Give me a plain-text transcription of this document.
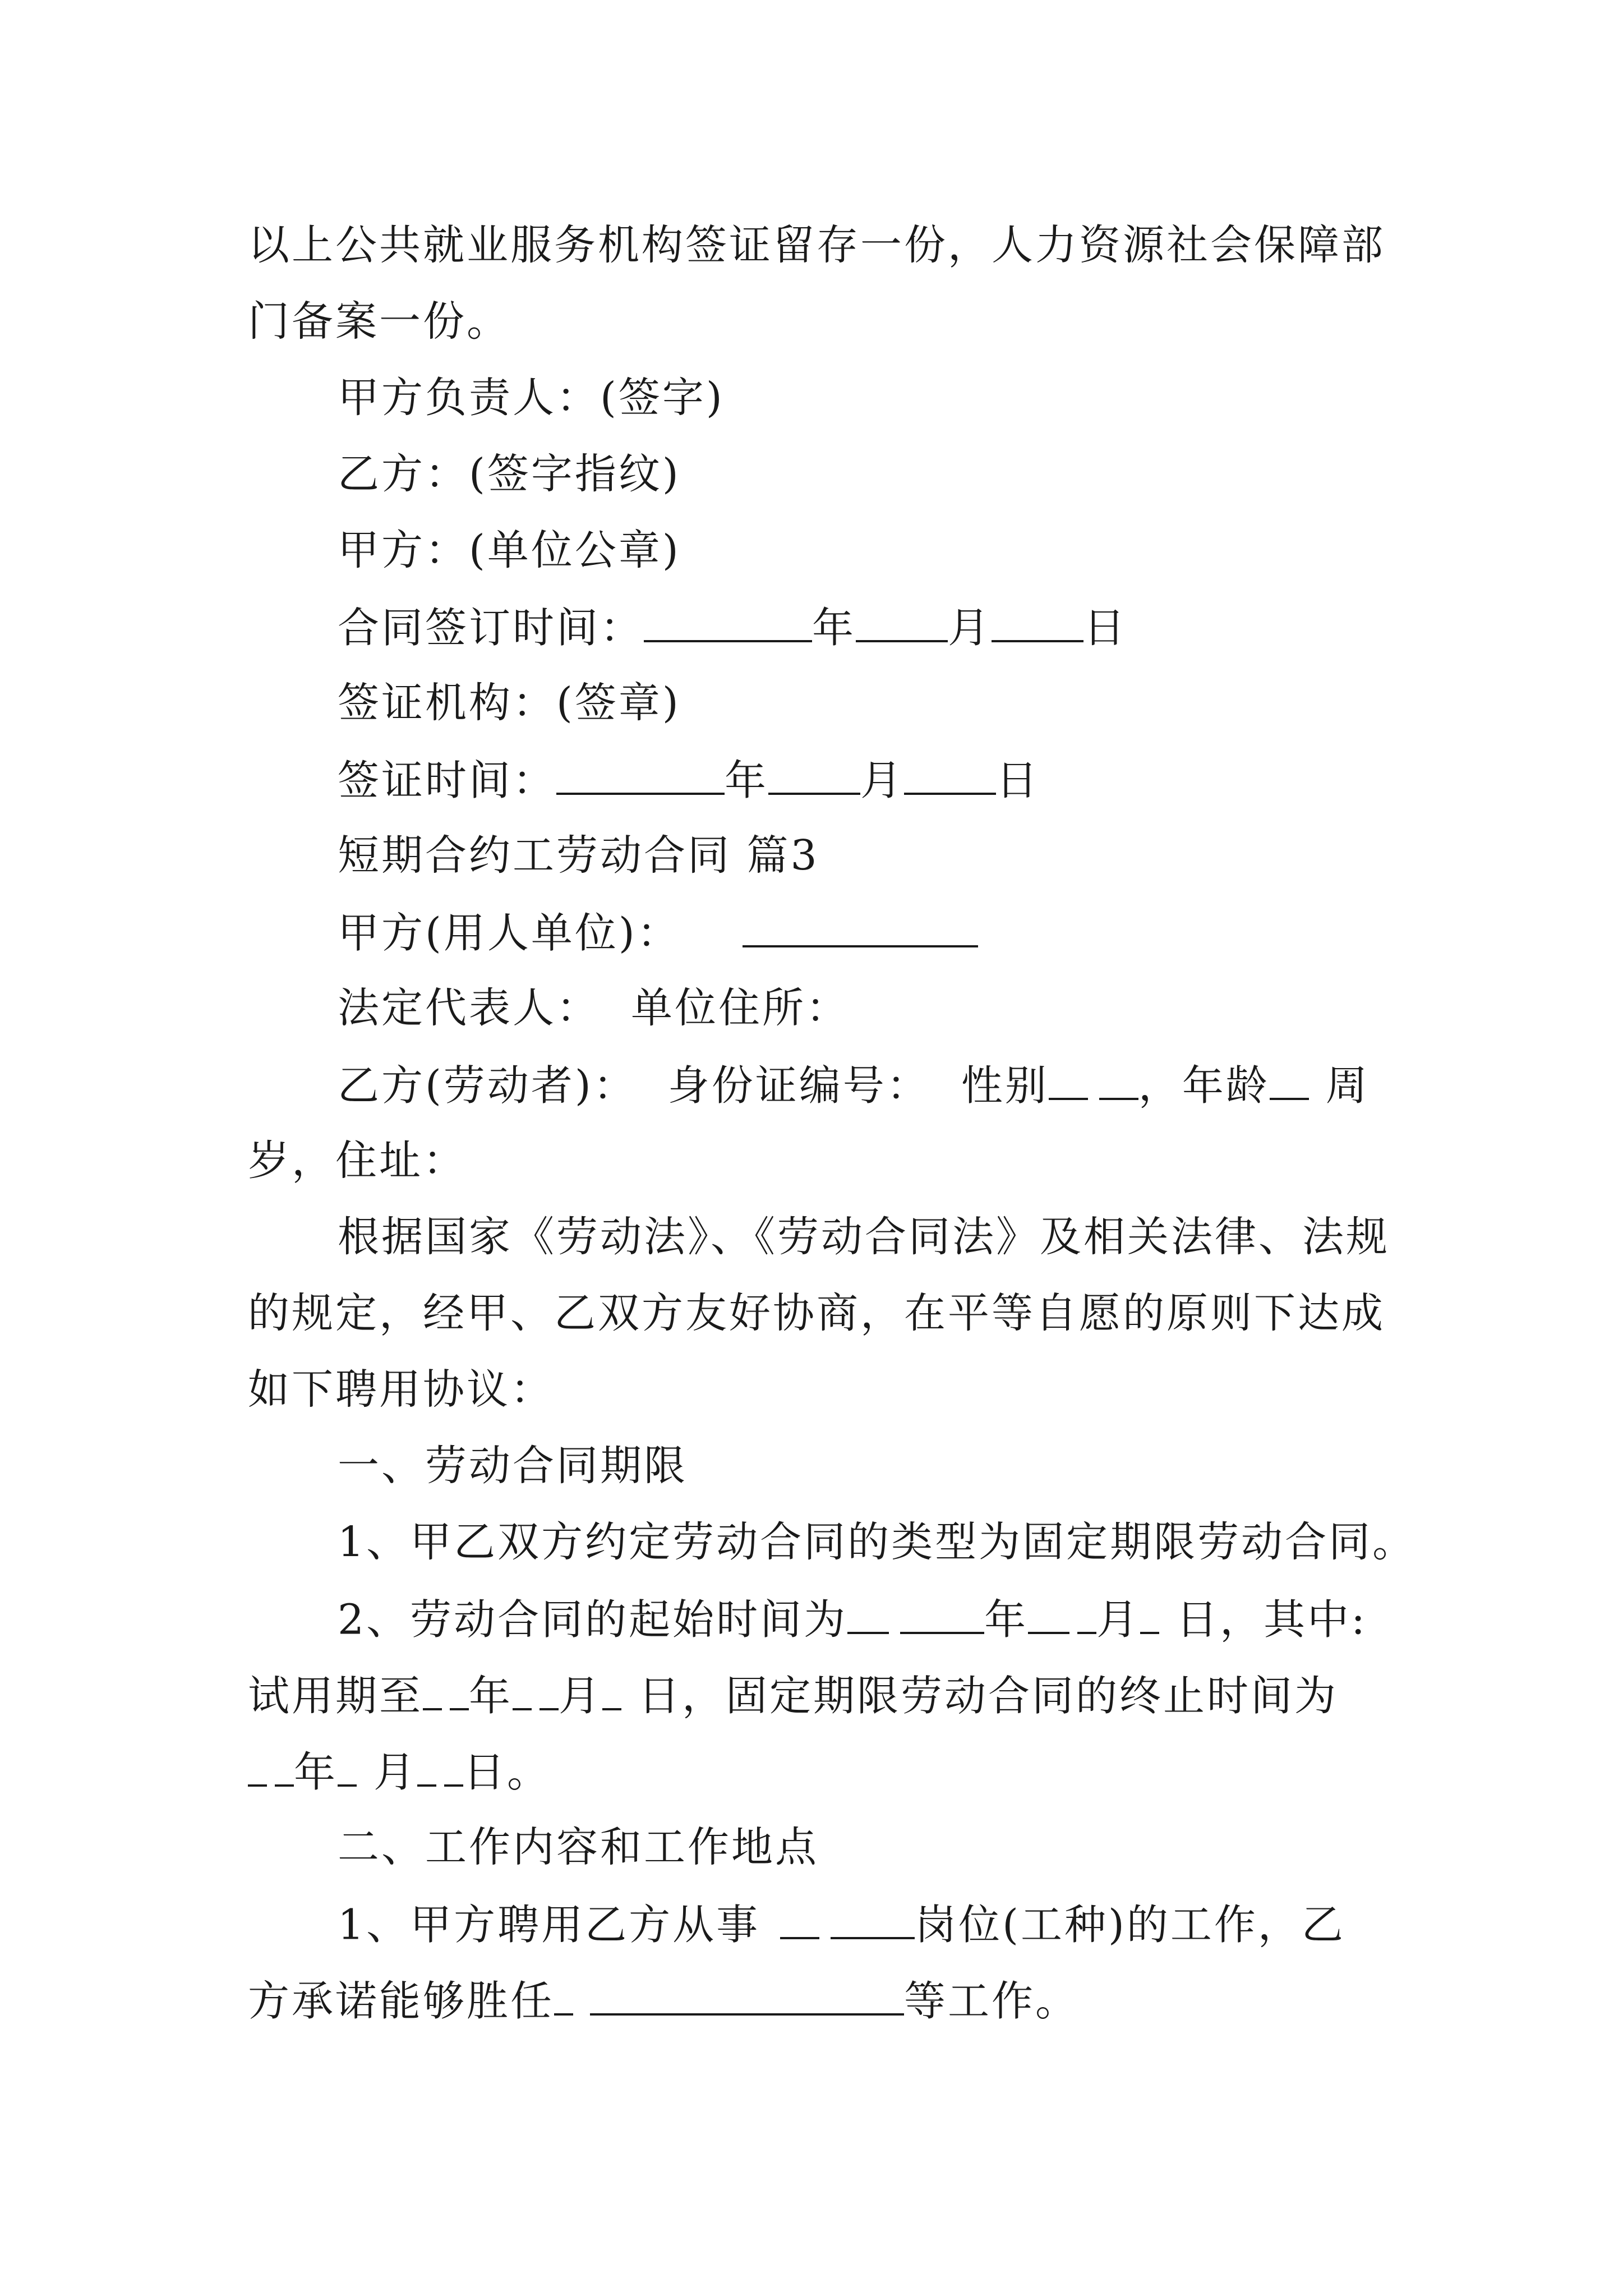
以上公共就业服务机构签证留存一份，人力资源社会保障部
门备案一份。
甲方负责人：(签字)
乙方：(签字指纹)
甲方：(单位公章)
合同签订时间：	年 月 日
签证机构：(签章)
签证时间：	年 月 日
短期合约工劳动合同 篇3
甲方(用人单位)：
法定代表人：  单位住所：
乙方(劳动者)：  身份证编号：  性别 ，年龄 周
岁，住址：
根据国家《劳动法》、《劳动合同法》及相关法律、法规
的规定，经甲、乙双方友好协商，在平等自愿的原则下达成
如下聘用协议：
一、劳动合同期限
1、甲乙双方约定劳动合同的类型为固定期限劳动合同。
2、劳动合同的起始时间为	年 月 日，其中:
试用期至 年 月 日，固定期限劳动合同的终止时间为
年 月 日。
二、工作内容和工作地点
1、甲方聘用乙方从事	岗位(工种)的工作，乙
方承诺能够胜任	等工作。
